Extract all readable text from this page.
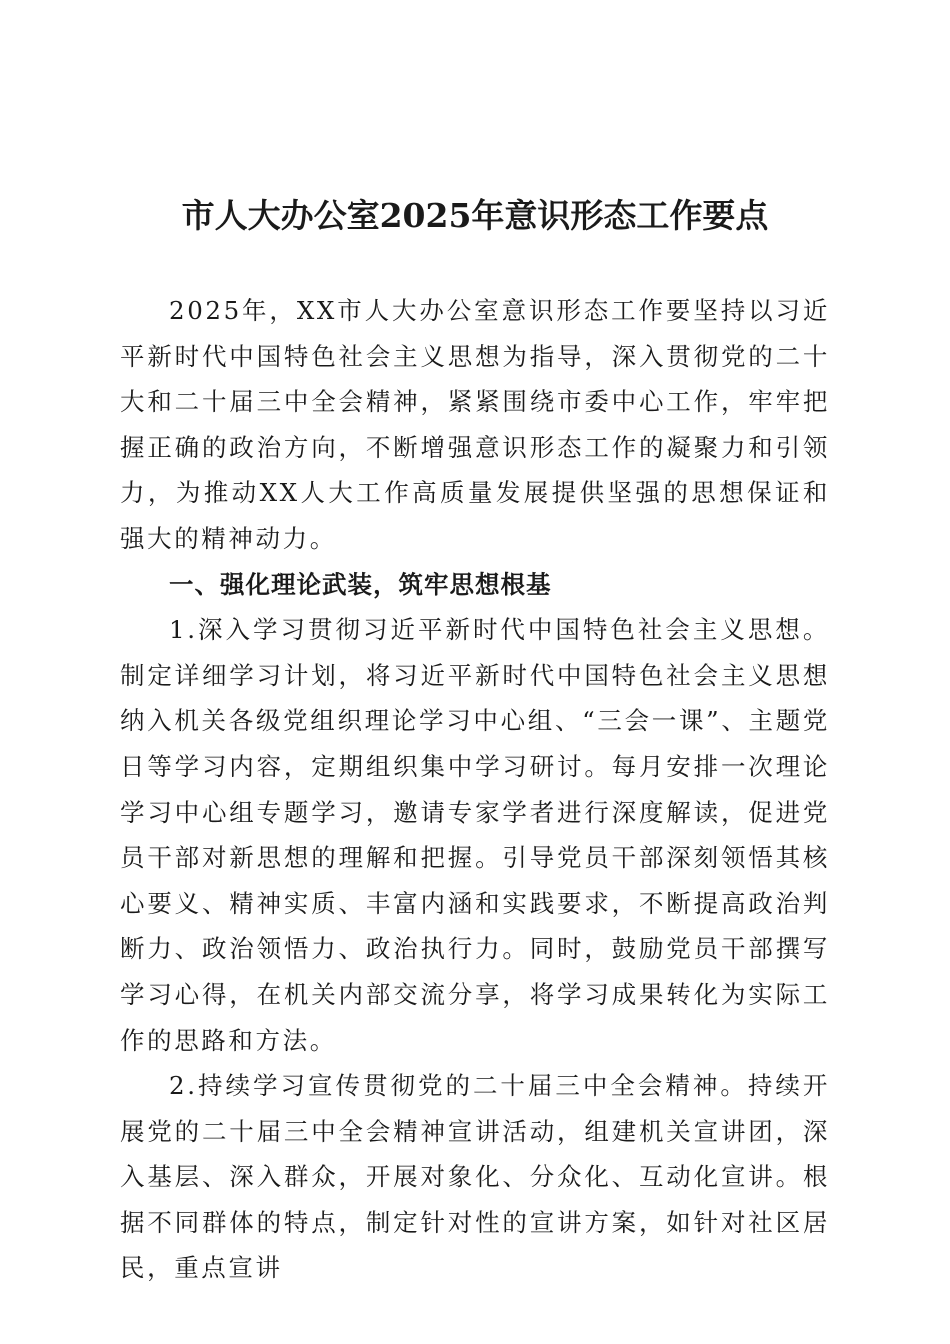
市人大办公室2025年意识形态工作要点

2025年，XX市人大办公室意识形态工作要坚持以习近平新时代中国特色社会主义思想为指导，深入贯彻党的二十大和二十届三中全会精神，紧紧围绕市委中心工作，牢牢把握正确的政治方向，不断增强意识形态工作的凝聚力和引领力，为推动XX人大工作高质量发展提供坚强的思想保证和强大的精神动力。

一、强化理论武装，筑牢思想根基

1.深入学习贯彻习近平新时代中国特色社会主义思想。制定详细学习计划，将习近平新时代中国特色社会主义思想纳入机关各级党组织理论学习中心组、“三会一课”、主题党日等学习内容，定期组织集中学习研讨。每月安排一次理论学习中心组专题学习，邀请专家学者进行深度解读，促进党员干部对新思想的理解和把握。引导党员干部深刻领悟其核心要义、精神实质、丰富内涵和实践要求，不断提高政治判断力、政治领悟力、政治执行力。同时，鼓励党员干部撰写学习心得，在机关内部交流分享，将学习成果转化为实际工作的思路和方法。

2.持续学习宣传贯彻党的二十届三中全会精神。持续开展党的二十届三中全会精神宣讲活动，组建机关宣讲团，深入基层、深入群众，开展对象化、分众化、互动化宣讲。根据不同群体的特点，制定针对性的宣讲方案，如针对社区居民，重点宣讲
